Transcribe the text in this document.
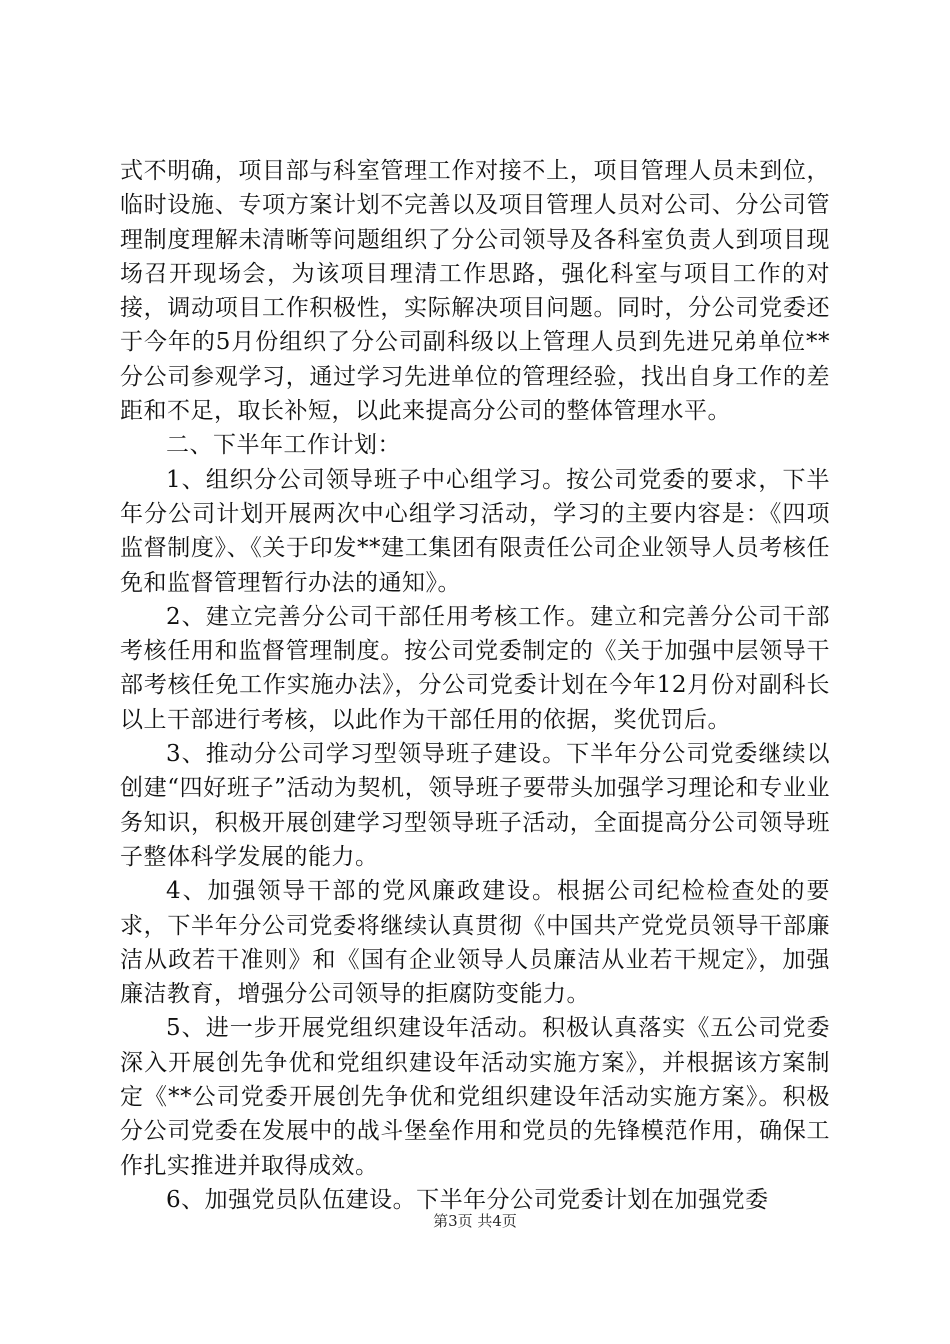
式不明确，项目部与科室管理工作对接不上，项目管理人员未到位，临时设施、专项方案计划不完善以及项目管理人员对公司、分公司管理制度理解未清晰等问题组织了分公司领导及各科室负责人到项目现场召开现场会，为该项目理清工作思路，强化科室与项目工作的对接，调动项目工作积极性，实际解决项目问题。同时，分公司党委还于今年的5月份组织了分公司副科级以上管理人员到先进兄弟单位**分公司参观学习，通过学习先进单位的管理经验，找出自身工作的差距和不足，取长补短，以此来提高分公司的整体管理水平。

二、下半年工作计划：

1、组织分公司领导班子中心组学习。按公司党委的要求，下半年分公司计划开展两次中心组学习活动，学习的主要内容是：《四项监督制度》、《关于印发**建工集团有限责任公司企业领导人员考核任免和监督管理暂行办法的通知》。

2、建立完善分公司干部任用考核工作。建立和完善分公司干部考核任用和监督管理制度。按公司党委制定的《关于加强中层领导干部考核任免工作实施办法》，分公司党委计划在今年12月份对副科长以上干部进行考核，以此作为干部任用的依据，奖优罚后。

3、推动分公司学习型领导班子建设。下半年分公司党委继续以创建“四好班子”活动为契机，领导班子要带头加强学习理论和专业业务知识，积极开展创建学习型领导班子活动，全面提高分公司领导班子整体科学发展的能力。

4、加强领导干部的党风廉政建设。根据公司纪检检查处的要求，下半年分公司党委将继续认真贯彻《中国共产党党员领导干部廉洁从政若干准则》和《国有企业领导人员廉洁从业若干规定》，加强廉洁教育，增强分公司领导的拒腐防变能力。

5、进一步开展党组织建设年活动。积极认真落实《五公司党委深入开展创先争优和党组织建设年活动实施方案》，并根据该方案制定《**公司党委开展创先争优和党组织建设年活动实施方案》。积极分公司党委在发展中的战斗堡垒作用和党员的先锋模范作用，确保工作扎实推进并取得成效。

6、加强党员队伍建设。下半年分公司党委计划在加强党委

第3页 共4页
